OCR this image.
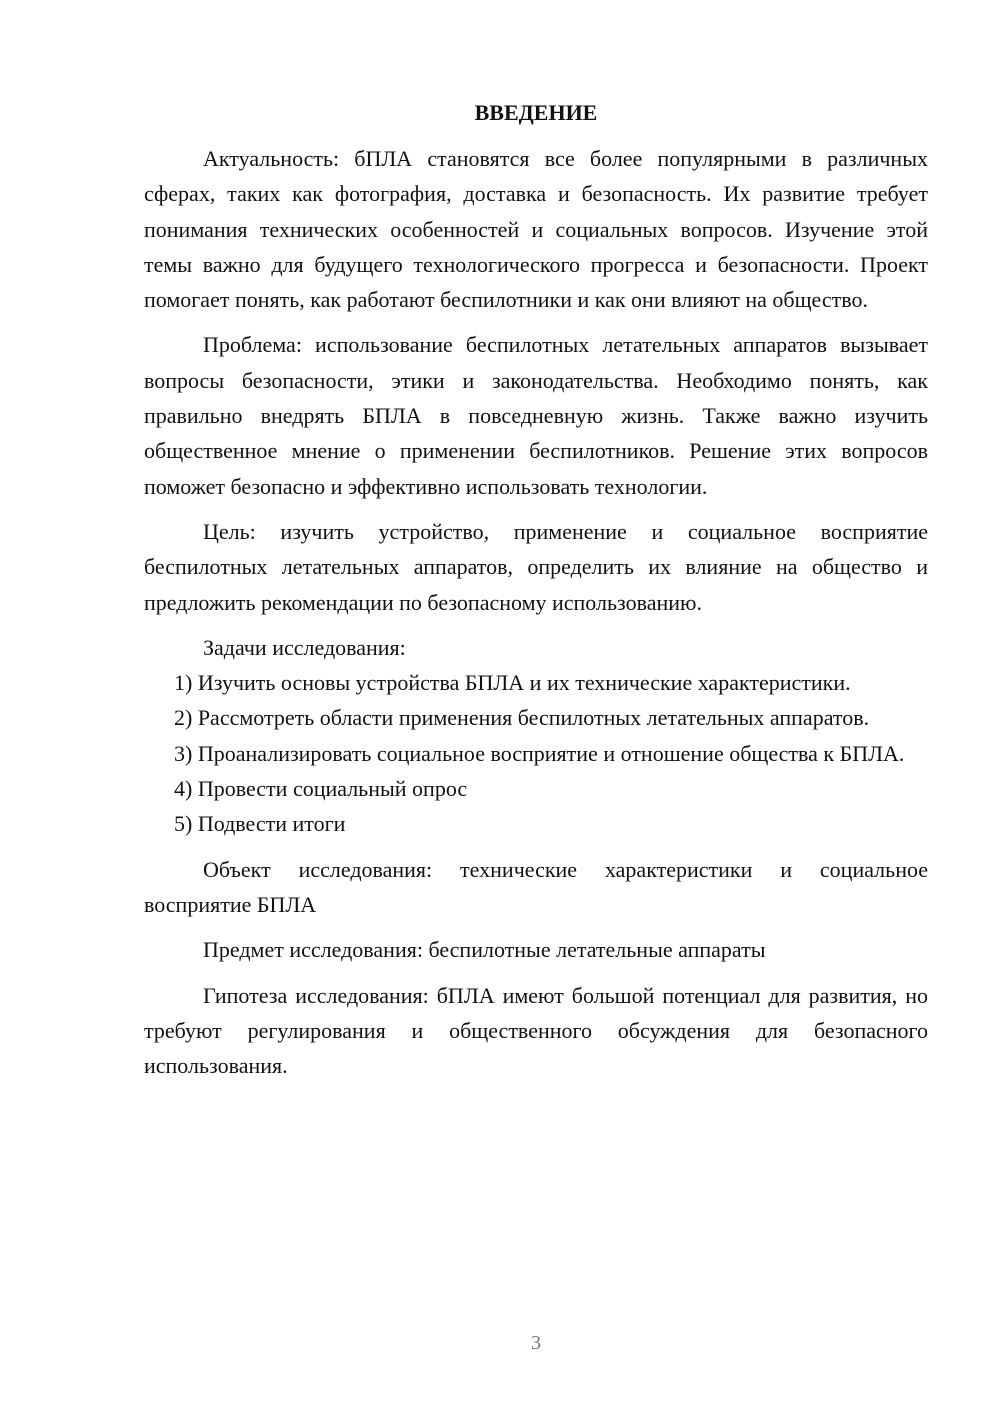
ВВЕДЕНИЕ

Актуальность: бПЛА становятся все более популярными в различных сферах, таких как фотография, доставка и безопасность. Их развитие требует понимания технических особенностей и социальных вопросов. Изучение этой темы важно для будущего технологического прогресса и безопасности. Проект помогает понять, как работают беспилотники и как они влияют на общество.

Проблема: использование беспилотных летательных аппаратов вызывает вопросы безопасности, этики и законодательства. Необходимо понять, как правильно внедрять БПЛА в повседневную жизнь. Также важно изучить общественное мнение о применении беспилотников. Решение этих вопросов поможет безопасно и эффективно использовать технологии.

Цель: изучить устройство, применение и социальное восприятие беспилотных летательных аппаратов, определить их влияние на общество и предложить рекомендации по безопасному использованию.

Задачи исследования:

1) Изучить основы устройства БПЛА и их технические характеристики.

2) Рассмотреть области применения беспилотных летательных аппаратов.

3) Проанализировать социальное восприятие и отношение общества к БПЛА.

4) Провести социальный опрос

5) Подвести итоги

Объект исследования: технические характеристики и социальное восприятие БПЛА

Предмет исследования: беспилотные летательные аппараты

Гипотеза исследования: бПЛА имеют большой потенциал для развития, но требуют регулирования и общественного обсуждения для безопасного использования.

3
